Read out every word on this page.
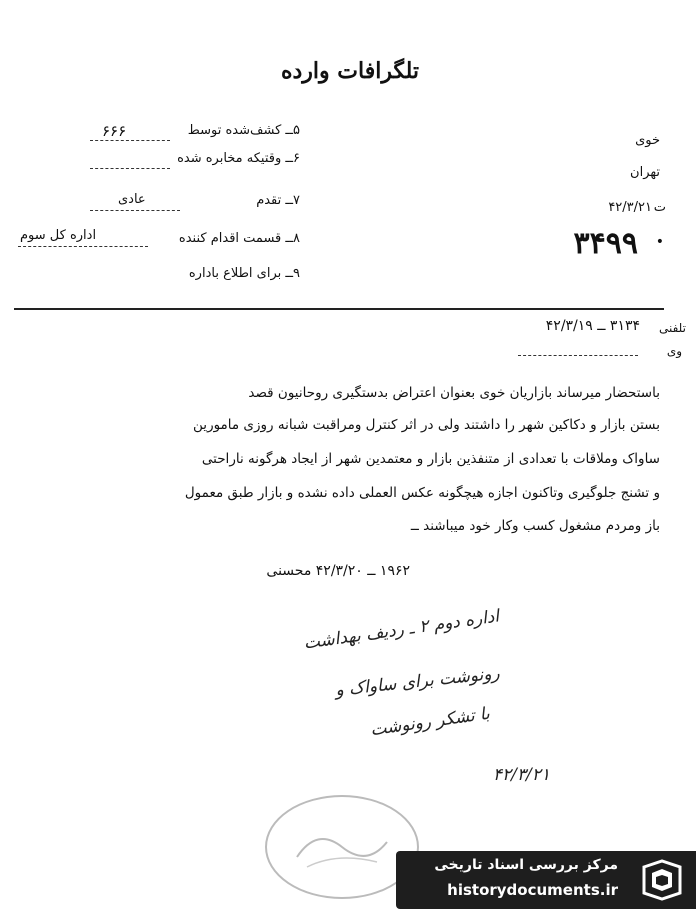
تلگرافات وارده
۵ــ کشف‌شده توسط
۶۶۶
۶ــ وقتیکه مخابره شده
۷ــ تقدم
عادی
۸ــ قسمت اقدام کننده
اداره کل سوم
۹ــ برای اطلاع باداره
خوی
تهران
۴۲/۳/۲۱ ت
۳۴۹۹ •
تلفنی
۳۱۳۴ ــ ۴۲/۳/۱۹
وی
باستحضار میرساند بازاریان خوی بعنوان اعتراض بدستگیری روحانیون قصد
بستن بازار و دکاکین شهر را داشتند ولی در اثر کنترل ومراقبت شبانه روزی مامورین
ساواک وملاقات با تعدادی از متنفذین بازار و معتمدین شهر از ایجاد هرگونه ناراحتی
و تشنج جلوگیری وتاکنون اجازه هیچگونه عکس العملی داده نشده و بازار طبق معمول
باز ومردم مشغول کسب وکار خود میباشند ــ
۱۹۶۲ ــ ۴۲/۳/۲۰ محسنی
اداره دوم ۲ ـ ردیف بهداشت
رونوشت برای ساواک و
با تشکر رونوشت
۴۲/۳/۲۱
مرکز بررسی اسناد تاریخی
historydocuments.ir
